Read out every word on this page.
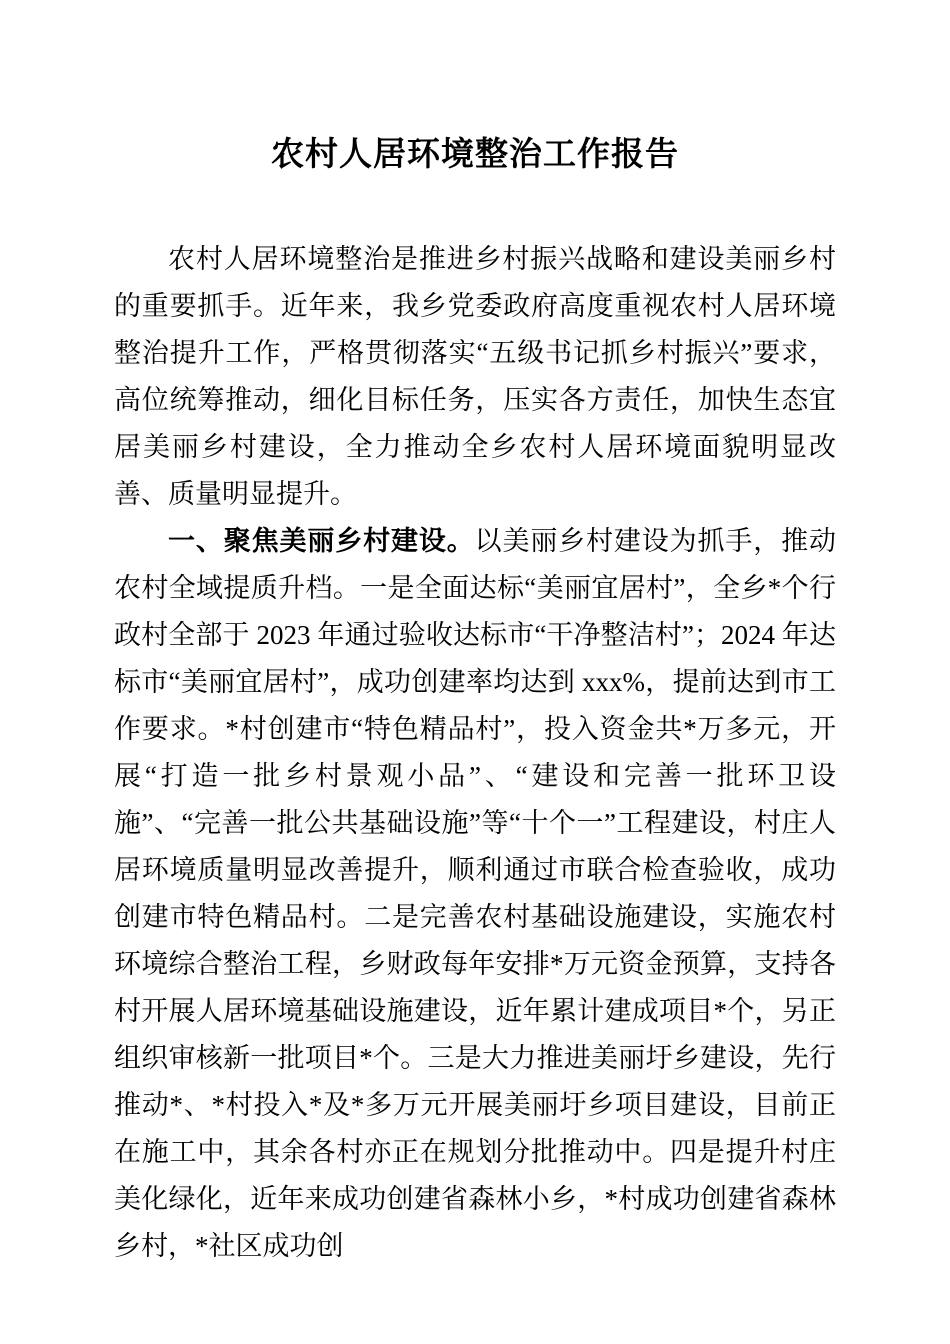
农村人居环境整治工作报告

农村人居环境整治是推进乡村振兴战略和建设美丽乡村的重要抓手。近年来，我乡党委政府高度重视农村人居环境整治提升工作，严格贯彻落实“五级书记抓乡村振兴”要求，高位统筹推动，细化目标任务，压实各方责任，加快生态宜居美丽乡村建设，全力推动全乡农村人居环境面貌明显改善、质量明显提升。

一、聚焦美丽乡村建设。以美丽乡村建设为抓手，推动农村全域提质升档。一是全面达标“美丽宜居村”，全乡*个行政村全部于 2023 年通过验收达标市“干净整洁村”；2024 年达标市“美丽宜居村”，成功创建率均达到 xxx%，提前达到市工作要求。*村创建市“特色精品村”，投入资金共*万多元，开展“打造一批乡村景观小品”、“建设和完善一批环卫设施”、“完善一批公共基础设施”等“十个一”工程建设，村庄人居环境质量明显改善提升，顺利通过市联合检查验收，成功创建市特色精品村。二是完善农村基础设施建设，实施农村环境综合整治工程，乡财政每年安排*万元资金预算，支持各村开展人居环境基础设施建设，近年累计建成项目*个，另正组织审核新一批项目*个。三是大力推进美丽圩乡建设，先行推动*、*村投入*及*多万元开展美丽圩乡项目建设，目前正在施工中，其余各村亦正在规划分批推动中。四是提升村庄美化绿化，近年来成功创建省森林小乡，*村成功创建省森林乡村，*社区成功创
